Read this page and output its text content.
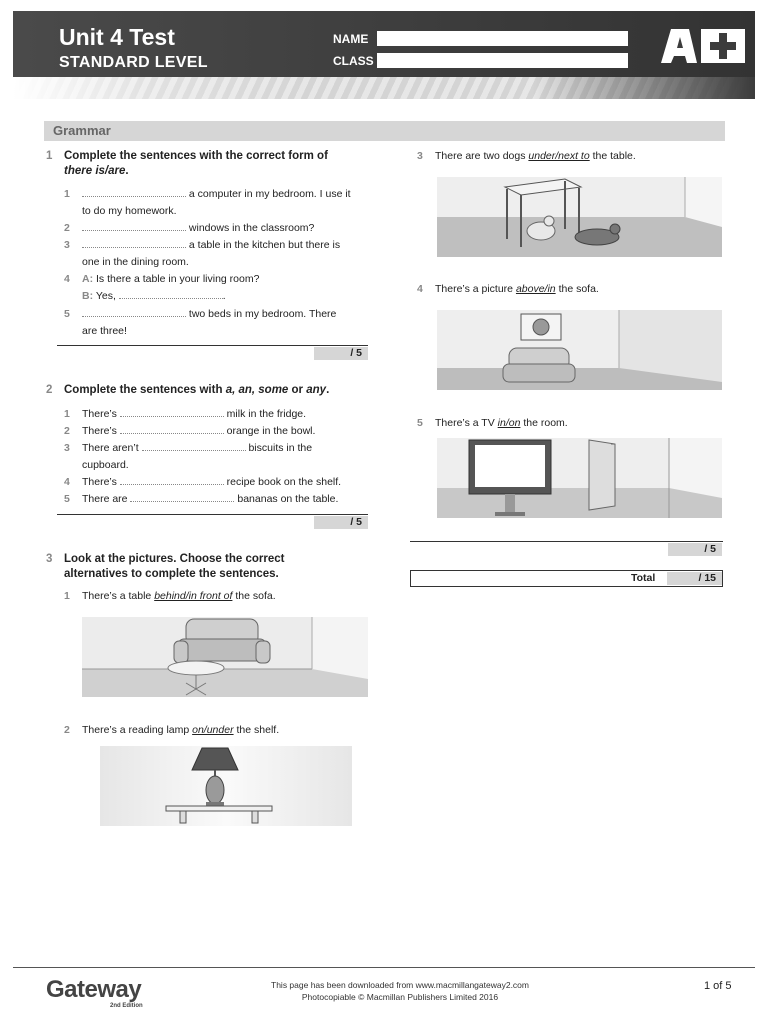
Unit 4 Test
STANDARD LEVEL
NAME
CLASS
Grammar
1 Complete the sentences with the correct form of
there is/are.
1	a computer in my bedroom. I use it
to do my homework.
2	windows in the classroom?
3	a table in the kitchen but there is
one in the dining room.
4 A: Is there a table in your living room?
B: Yes,	.
5	two beds in my bedroom. There
are three!
/ 5
2 Complete the sentences with a, an, some or any.
1 There’s	milk in the fridge.
2 There’s	orange in the bowl.
3 There aren’t	biscuits in the
cupboard.
4 There’s	recipe book on the shelf.
5 There are	bananas on the table.
/ 5
3 Look at the pictures. Choose the correct
alternatives to complete the sentences.
1 There’s a table behind/in front of the sofa.
2 There’s a reading lamp on/under the shelf.
3 There are two dogs under/next to the table.
4 There’s a picture above/in the sofa.
5 There’s a TV in/on the room.
/ 5
Total	/ 15
Gateway
2nd Edition
This page has been downloaded from www.macmillangateway2.com
Photocopiable © Macmillan Publishers Limited 2016
1 of 5
